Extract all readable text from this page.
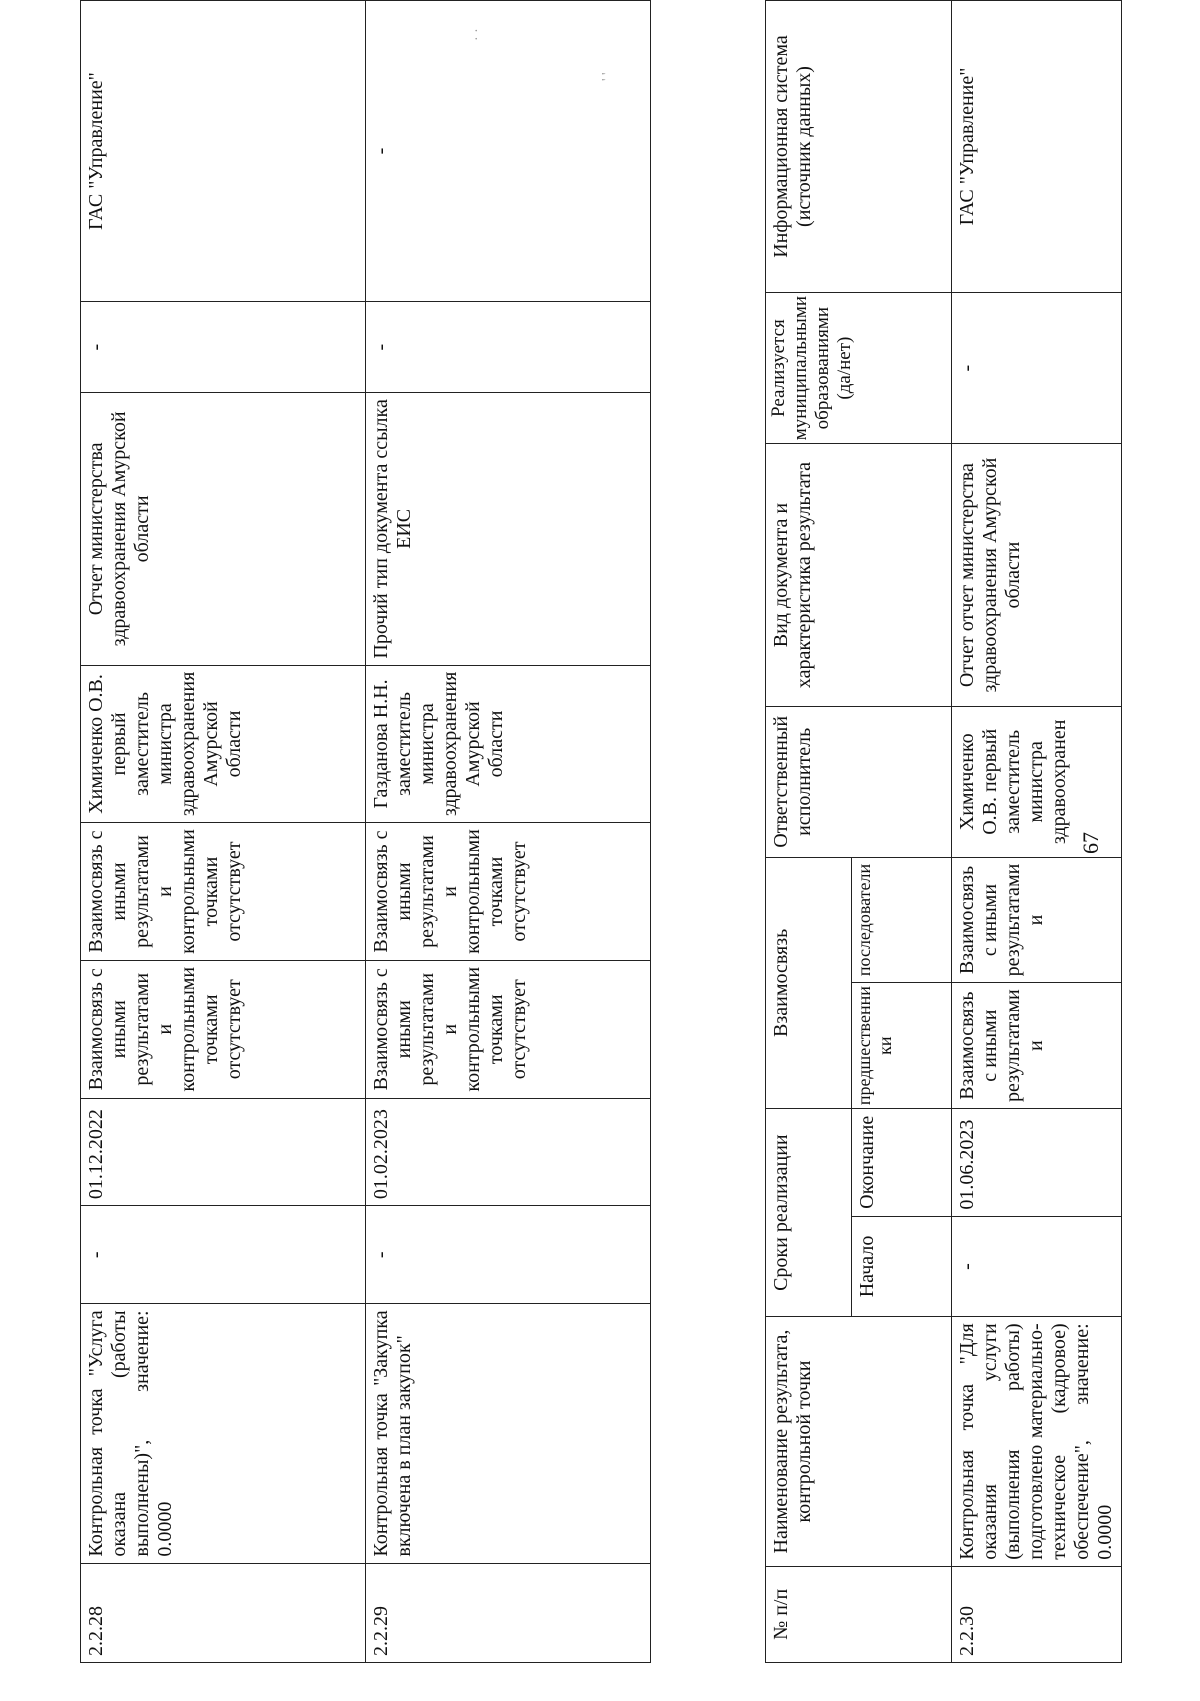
· ·
' '
2.2.28	Контрольная точка "Услуга оказана (работы выполнены)", значение: 0.0000	-	01.12.2022	Взаимосвязь с иными результатами и контрольными точками отсутствует	Взаимосвязь с иными результатами и контрольными точками отсутствует	Химиченко О.В. первый заместитель министра здравоохранения Амурской области	Отчет министерства здравоохранения Амурской области	-	ГАС "Управление"
2.2.29	Контрольная точка "Закупка включена в план закупок"	-	01.02.2023	Взаимосвязь с иными результатами и контрольными точками отсутствует	Взаимосвязь с иными результатами и контрольными точками отсутствует	Газданова Н.Н. заместитель министра здравоохранения Амурской области	Прочий тип документа ссылка ЕИС	-	-
67
№ п/п	Наименование результата, контрольной точки	Сроки реализации		Взаимосвязь		Ответственный исполнитель	Вид документа и характеристика результата	Реализуется муниципальными образованиями (да/нет)	Информационная система (источник данных)
		Начало	Окончание	предшественники	последователи				
2.2.30	Контрольная точка "Для оказания услуги (выполнения работы) подготовлено материально-техническое (кадровое) обеспечение", значение: 0.0000	-	01.06.2023	Взаимосвязь с иными результатами и	Взаимосвязь с иными результатами и	Химиченко О.В. первый заместитель министра здравоохранен	Отчет отчет министерства здравоохранения Амурской области	-	ГАС "Управление"
